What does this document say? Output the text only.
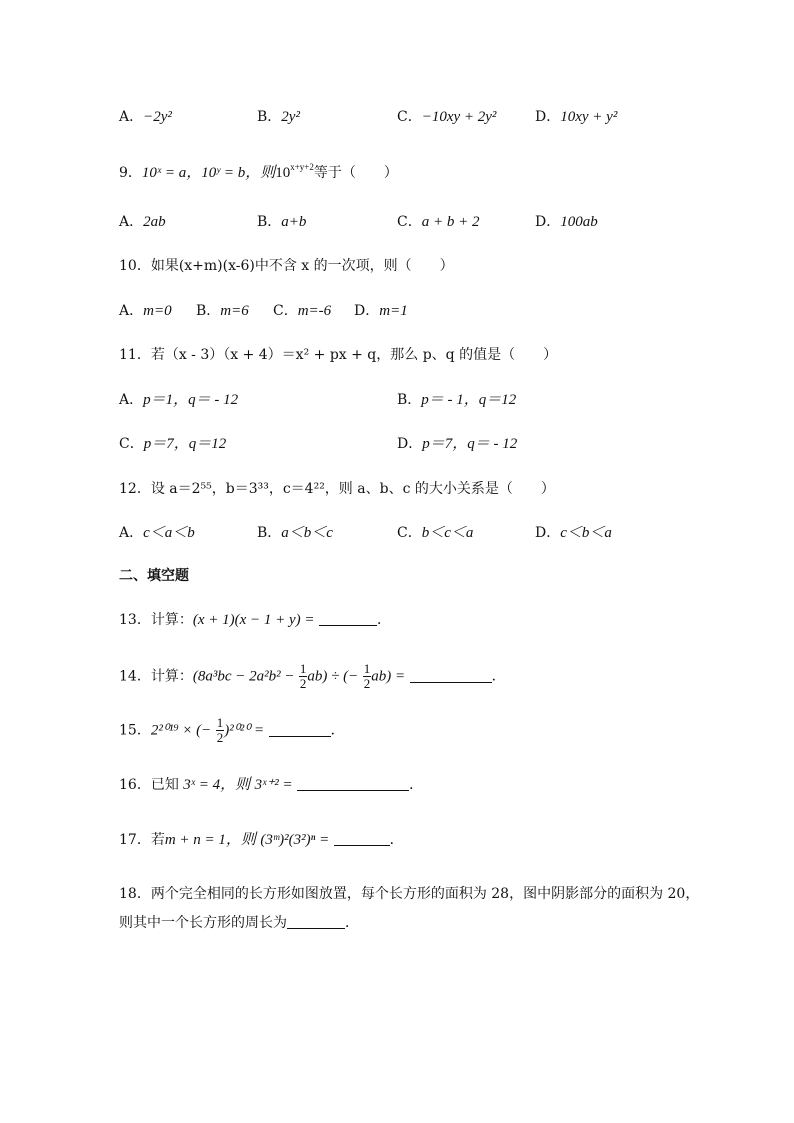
A．−2y²	B．2y²	C．−10xy + 2y²	D．10xy + y²
9．10ˣ = a，10ʸ = b，则$10^{x+y+2}$等于（　　）
A．2ab	B．a+b	C．a + b + 2	D．100ab
10．如果(x+m)(x-6)中不含 x 的一次项，则（　　）
A．m=0 B．m=6 C．m=-6 D．m=1
11．若（x - 3）（x + 4）＝x² + px + q，那么 p、q 的值是（　　）
A．p＝1，q＝ - 12	B．p＝ - 1，q＝12
C．p＝7，q＝12	D．p＝7，q＝ - 12
12．设 a＝2⁵⁵，b＝3³³，c＝4²²，则 a、b、c 的大小关系是（　　）
A．c＜a＜b	B．a＜b＜c	C．b＜c＜a	D．c＜b＜a
二、填空题
13．计算：(x + 1)(x − 1 + y) =	．
14．计算：$(8a^3bc - 2a^2b^2 - \frac{1}{2} ab)$ ÷ (− $\frac{1}{2} ab$) =	．
15．2²⁰¹⁹ × (− $\frac{1}{2} )^{2020}$ =	．
16．已知 3ˣ = 4，则 3ˣ⁺² =	．
17．若m + n = 1，则 (3ᵐ)²(3²)ⁿ =	．
18．两个完全相同的长方形如图放置，每个长方形的面积为 28，图中阴影部分的面积为 20，
则其中一个长方形的周长为	．
